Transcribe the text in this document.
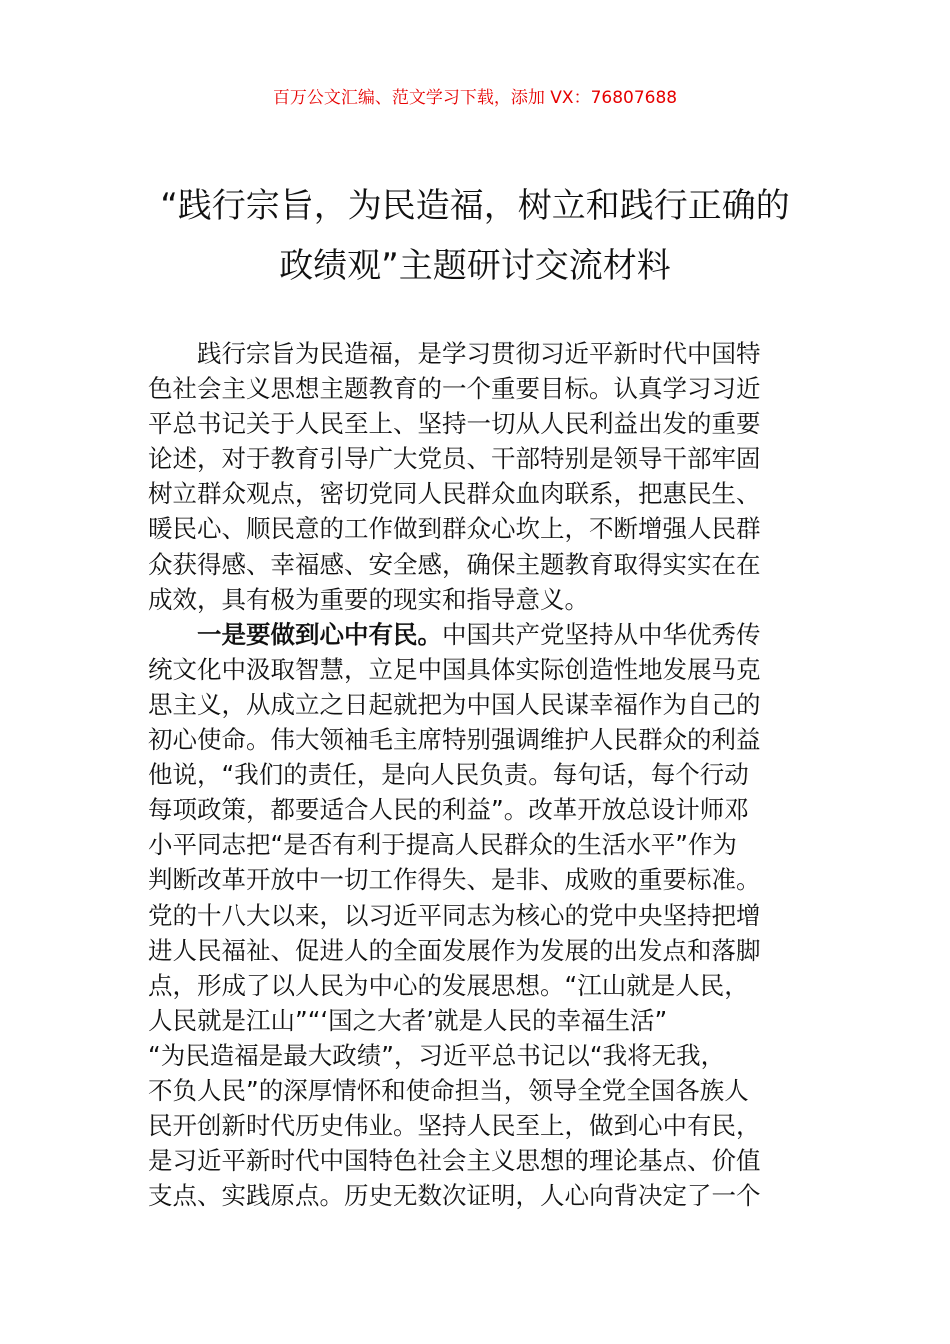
百万公文汇编、范文学习下载，添加 VX：76807688
“践行宗旨，为民造福，树立和践行正确的
政绩观”主题研讨交流材料
践行宗旨为民造福，是学习贯彻习近平新时代中国特
色社会主义思想主题教育的一个重要目标。认真学习习近
平总书记关于人民至上、坚持一切从人民利益出发的重要
论述，对于教育引导广大党员、干部特别是领导干部牢固
树立群众观点，密切党同人民群众血肉联系，把惠民生、
暖民心、顺民意的工作做到群众心坎上，不断增强人民群
众获得感、幸福感、安全感，确保主题教育取得实实在在
成效，具有极为重要的现实和指导意义。
一是要做到心中有民。中国共产党坚持从中华优秀传
统文化中汲取智慧，立足中国具体实际创造性地发展马克
思主义，从成立之日起就把为中国人民谋幸福作为自己的
初心使命。伟大领袖毛主席特别强调维护人民群众的利益
他说，“我们的责任，是向人民负责。每句话，每个行动
每项政策，都要适合人民的利益”。改革开放总设计师邓
小平同志把“是否有利于提高人民群众的生活水平”作为
判断改革开放中一切工作得失、是非、成败的重要标准。
党的十八大以来，以习近平同志为核心的党中央坚持把增
进人民福祉、促进人的全面发展作为发展的出发点和落脚
点，形成了以人民为中心的发展思想。“江山就是人民，
人民就是江山”“‘国之大者’就是人民的幸福生活”
“为民造福是最大政绩”，习近平总书记以“我将无我，
不负人民”的深厚情怀和使命担当，领导全党全国各族人
民开创新时代历史伟业。坚持人民至上，做到心中有民，
是习近平新时代中国特色社会主义思想的理论基点、价值
支点、实践原点。历史无数次证明，人心向背决定了一个
